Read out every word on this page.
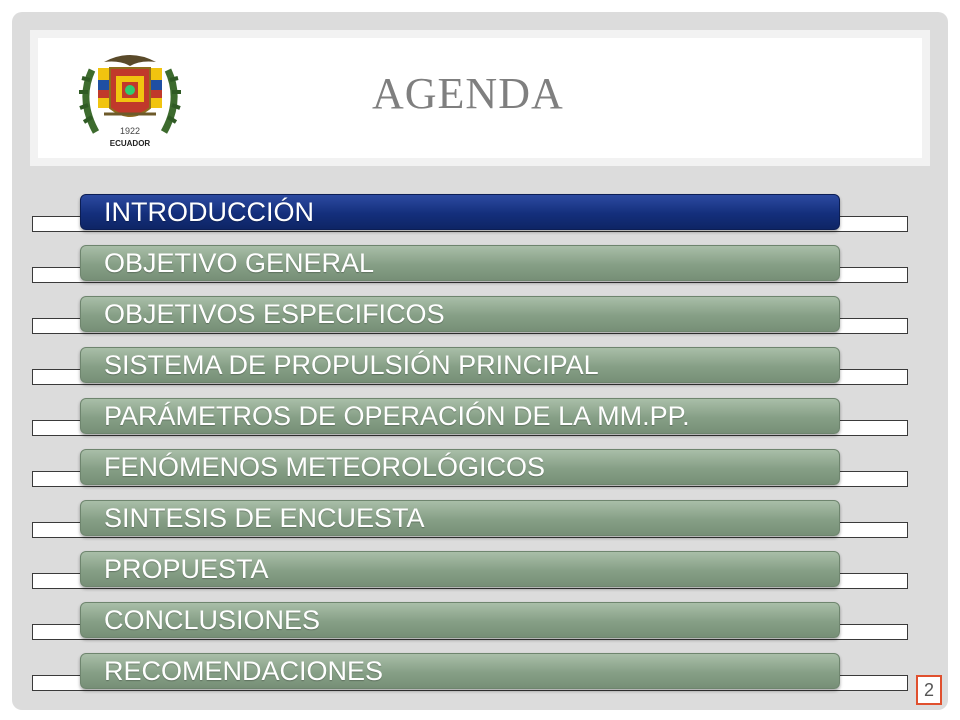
1922
ECUADOR
AGENDA
INTRODUCCIÓN
OBJETIVO GENERAL
OBJETIVOS ESPECIFICOS
SISTEMA DE PROPULSIÓN PRINCIPAL
PARÁMETROS DE OPERACIÓN DE LA MM.PP.
FENÓMENOS METEOROLÓGICOS
SINTESIS DE ENCUESTA
PROPUESTA
CONCLUSIONES
RECOMENDACIONES
2
